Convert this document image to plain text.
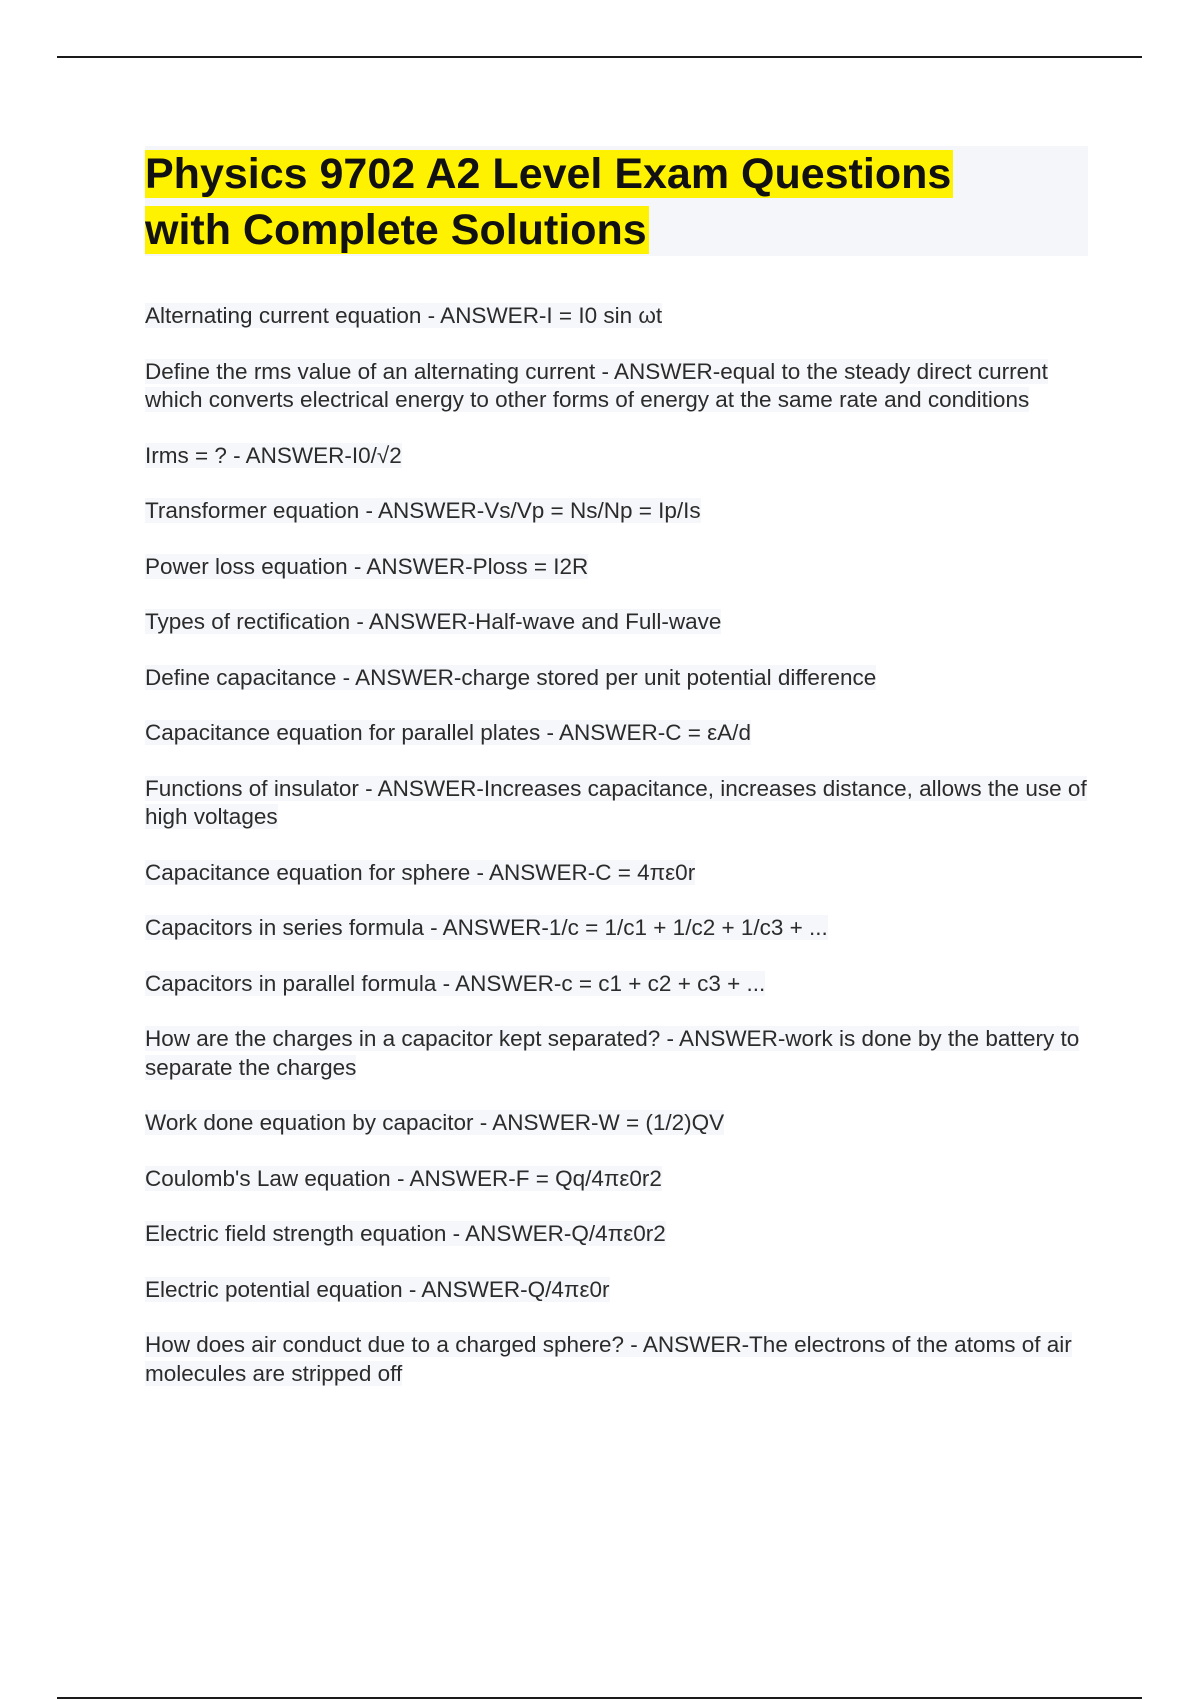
Physics 9702 A2 Level Exam Questions
with Complete Solutions
Alternating current equation - ANSWER-I = I0 sin ωt
Define the rms value of an alternating current - ANSWER-equal to the steady direct current which converts electrical energy to other forms of energy at the same rate and conditions
Irms = ? - ANSWER-I0/√2
Transformer equation - ANSWER-Vs/Vp = Ns/Np = Ip/Is
Power loss equation - ANSWER-Ploss = I2R
Types of rectification - ANSWER-Half-wave and Full-wave
Define capacitance - ANSWER-charge stored per unit potential difference
Capacitance equation for parallel plates - ANSWER-C = εA/d
Functions of insulator - ANSWER-Increases capacitance, increases distance, allows the use of high voltages
Capacitance equation for sphere - ANSWER-C = 4πε0r
Capacitors in series formula - ANSWER-1/c = 1/c1 + 1/c2 + 1/c3 + ...
Capacitors in parallel formula - ANSWER-c = c1 + c2 + c3 + ...
How are the charges in a capacitor kept separated? - ANSWER-work is done by the battery to separate the charges
Work done equation by capacitor - ANSWER-W = (1/2)QV
Coulomb's Law equation - ANSWER-F = Qq/4πε0r2
Electric field strength equation - ANSWER-Q/4πε0r2
Electric potential equation - ANSWER-Q/4πε0r
How does air conduct due to a charged sphere? - ANSWER-The electrons of the atoms of air molecules are stripped off
